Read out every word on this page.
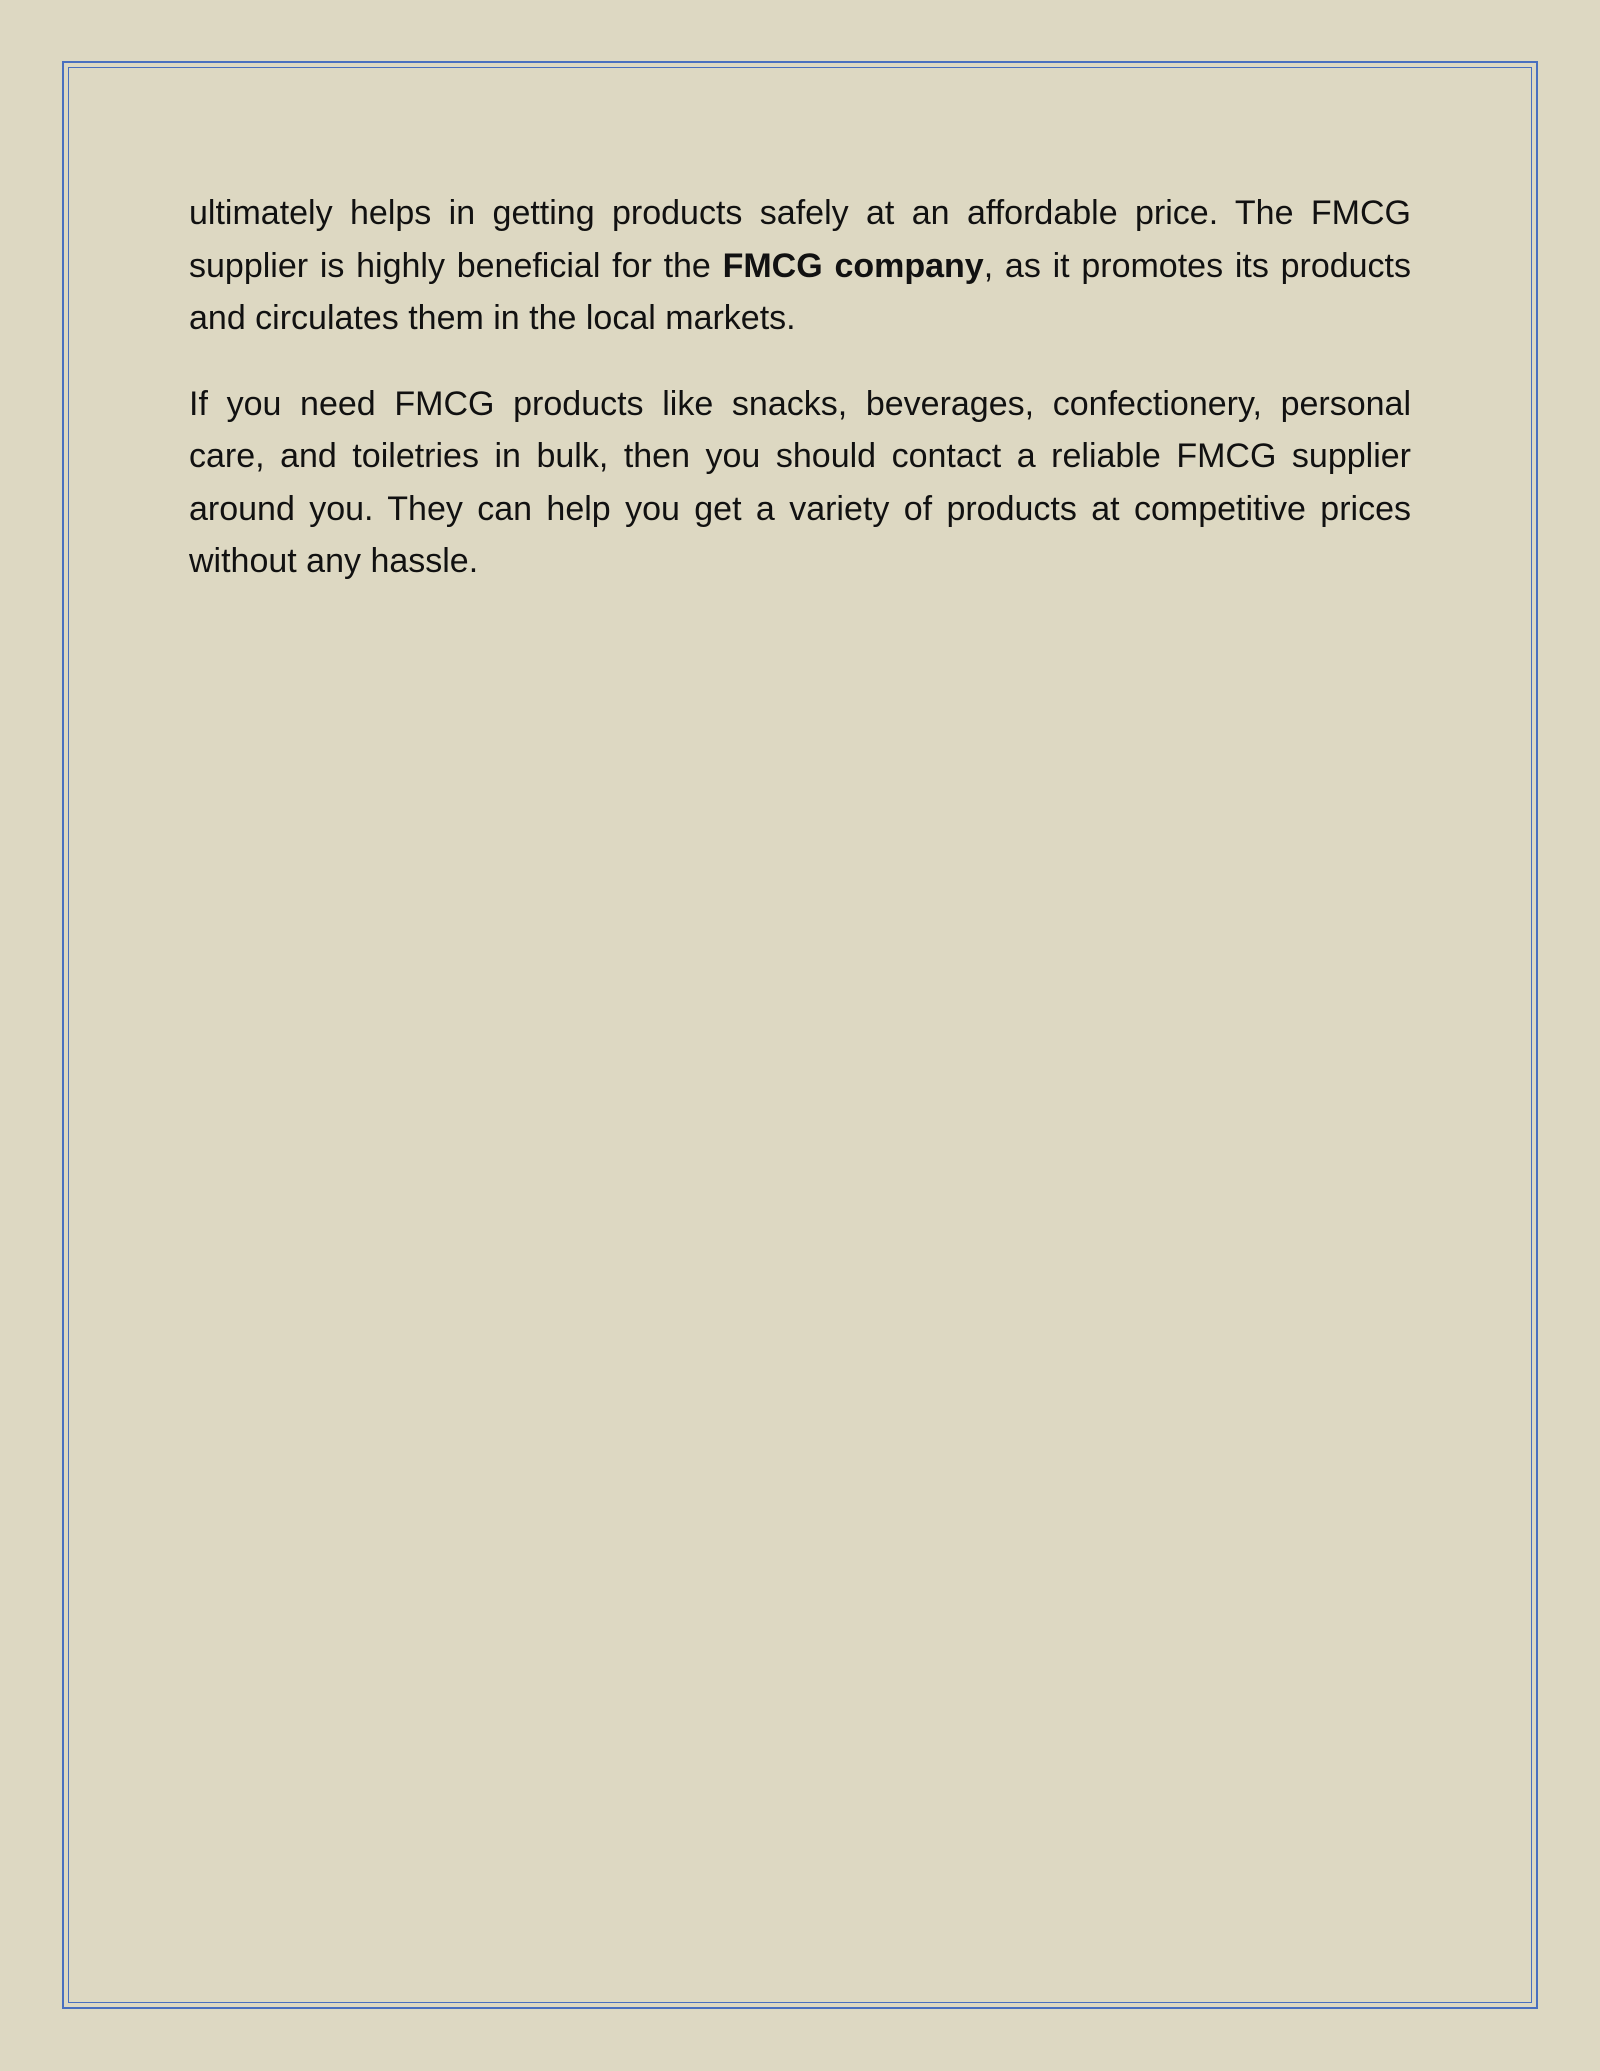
ultimately helps in getting products safely at an affordable price. The FMCG supplier is highly beneficial for the FMCG company, as it promotes its products and circulates them in the local markets.

If you need FMCG products like snacks, beverages, confectionery, personal care, and toiletries in bulk, then you should contact a reliable FMCG supplier around you. They can help you get a variety of products at competitive prices without any hassle.
